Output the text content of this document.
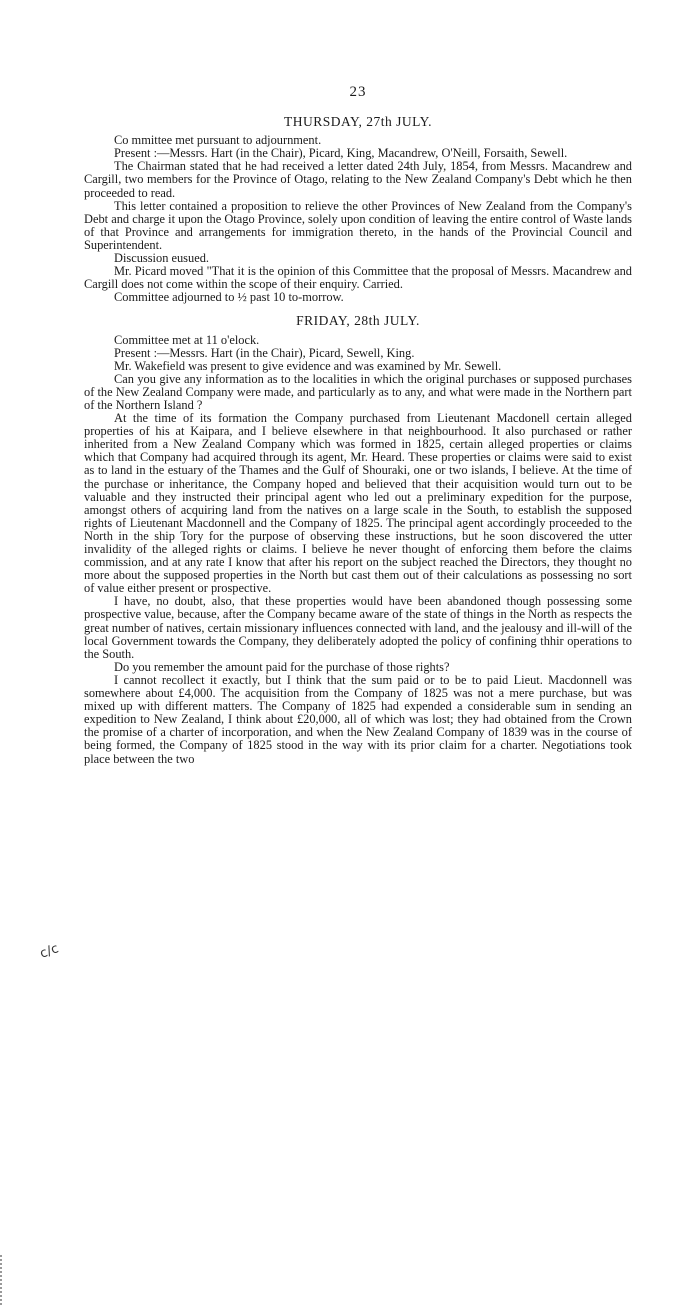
23
THURSDAY, 27th JULY.

Co mmittee met pursuant to adjournment.

Present :—Messrs. Hart (in the Chair), Picard, King, Macandrew, O'Neill, Forsaith, Sewell.

The Chairman stated that he had received a letter dated 24th July, 1854, from Messrs. Macandrew and Cargill, two members for the Province of Otago, relating to the New Zealand Company's Debt which he then proceeded to read.

This letter contained a proposition to relieve the other Provinces of New Zealand from the Company's Debt and charge it upon the Otago Province, solely upon condition of leaving the entire control of Waste lands of that Province and arrangements for immigration thereto, in the hands of the Provincial Council and Superintendent.

Discussion eusued.

Mr. Picard moved "That it is the opinion of this Committee that the proposal of Messrs. Macandrew and Cargill does not come within the scope of their enquiry. Carried.

Committee adjourned to ½ past 10 to-morrow.

FRIDAY, 28th JULY.

Committee met at 11 o'elock.

Present :—Messrs. Hart (in the Chair), Picard, Sewell, King.

Mr. Wakefield was present to give evidence and was examined by Mr. Sewell.

Can you give any information as to the localities in which the original purchases or supposed purchases of the New Zealand Company were made, and particularly as to any, and what were made in the Northern part of the Northern Island ?

At the time of its formation the Company purchased from Lieutenant Macdonell certain alleged properties of his at Kaipara, and I believe elsewhere in that neighbourhood. It also purchased or rather inherited from a New Zealand Company which was formed in 1825, certain alleged properties or claims which that Company had acquired through its agent, Mr. Heard. These properties or claims were said to exist as to land in the estuary of the Thames and the Gulf of Shouraki, one or two islands, I believe. At the time of the purchase or inheritance, the Company hoped and believed that their acquisition would turn out to be valuable and they instructed their principal agent who led out a preliminary expedition for the purpose, amongst others of acquiring land from the natives on a large scale in the South, to establish the supposed rights of Lieutenant Macdonnell and the Company of 1825. The principal agent accordingly proceeded to the North in the ship Tory for the purpose of observing these instructions, but he soon discovered the utter invalidity of the alleged rights or claims. I believe he never thought of enforcing them before the claims commission, and at any rate I know that after his report on the subject reached the Directors, they thought no more about the supposed properties in the North but cast them out of their calculations as possessing no sort of value either present or prospective.

I have, no doubt, also, that these properties would have been abandoned though possessing some prospective value, because, after the Company became aware of the state of things in the North as respects the great number of natives, certain missionary influences connected with land, and the jealousy and ill-will of the local Government towards the Company, they deliberately adopted the policy of confining thhir operations to the South.

Do you remember the amount paid for the purchase of those rights?

I cannot recollect it exactly, but I think that the sum paid or to be to paid Lieut. Macdonnell was somewhere about £4,000. The acquisition from the Company of 1825 was not a mere purchase, but was mixed up with different matters. The Company of 1825 had expended a considerable sum in sending an expedition to New Zealand, I think about £20,000, all of which was lost; they had obtained from the Crown the promise of a charter of incorporation, and when the New Zealand Company of 1839 was in the course of being formed, the Company of 1825 stood in the way with its prior claim for a charter. Negotiations took place between the two

c/c
